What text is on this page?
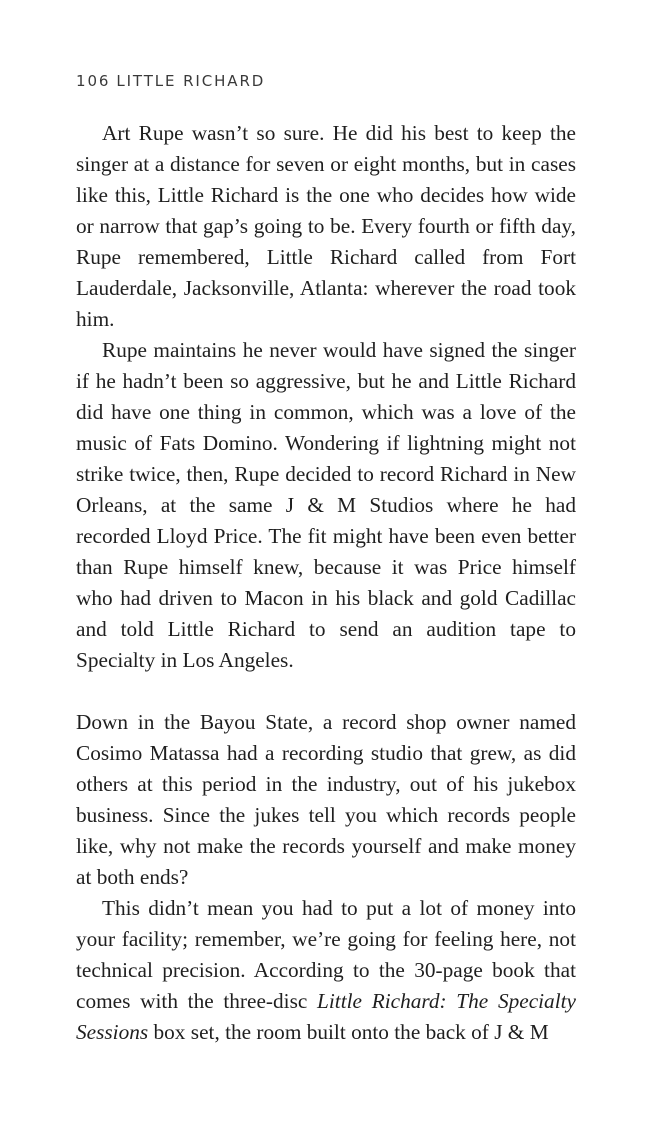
106 LITTLE RICHARD

Art Rupe wasn’t so sure. He did his best to keep the singer at a distance for seven or eight months, but in cases like this, Little Richard is the one who decides how wide or narrow that gap’s going to be. Every fourth or fifth day, Rupe remembered, Little Richard called from Fort Lauderdale, Jacksonville, Atlanta: wherever the road took him.

Rupe maintains he never would have signed the singer if he hadn’t been so aggressive, but he and Little Richard did have one thing in common, which was a love of the music of Fats Domino. Wondering if lightning might not strike twice, then, Rupe decided to record Richard in New Orleans, at the same J & M Studios where he had recorded Lloyd Price. The fit might have been even better than Rupe himself knew, because it was Price himself who had driven to Macon in his black and gold Cadillac and told Little Richard to send an audition tape to Specialty in Los Angeles.

Down in the Bayou State, a record shop owner named Cosimo Matassa had a recording studio that grew, as did others at this period in the industry, out of his jukebox business. Since the jukes tell you which records people like, why not make the records yourself and make money at both ends?

This didn’t mean you had to put a lot of money into your facility; remember, we’re going for feeling here, not technical precision. According to the 30-page book that comes with the three-disc Little Richard: The Specialty Sessions box set, the room built onto the back of J & M
